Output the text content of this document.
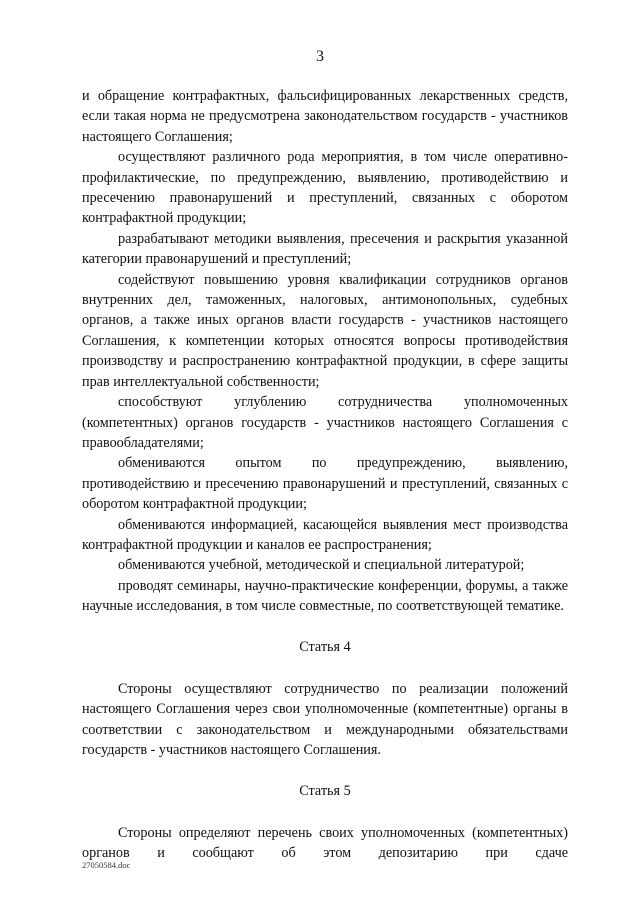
3

и обращение контрафактных, фальсифицированных лекарственных средств, если такая норма не предусмотрена законодательством государств - участников настоящего Соглашения;

осуществляют различного рода мероприятия, в том числе оперативно-профилактические, по предупреждению, выявлению, противодействию и пресечению правонарушений и преступлений, связанных с оборотом контрафактной продукции;

разрабатывают методики выявления, пресечения и раскрытия указанной категории правонарушений и преступлений;

содействуют повышению уровня квалификации сотрудников органов внутренних дел, таможенных, налоговых, антимонопольных, судебных органов, а также иных органов власти государств - участников настоящего Соглашения, к компетенции которых относятся вопросы противодействия производству и распространению контрафактной продукции, в сфере защиты прав интеллектуальной собственности;

способствуют углублению сотрудничества уполномоченных (компетентных) органов государств - участников настоящего Соглашения с правообладателями;

обмениваются опытом по предупреждению, выявлению, противодействию и пресечению правонарушений и преступлений, связанных с оборотом контрафактной продукции;

обмениваются информацией, касающейся выявления мест производства контрафактной продукции и каналов ее распространения;

обмениваются учебной, методической и специальной литературой;

проводят семинары, научно-практические конференции, форумы, а также научные исследования, в том числе совместные, по соответствующей тематике.

Статья 4

Стороны осуществляют сотрудничество по реализации положений настоящего Соглашения через свои уполномоченные (компетентные) органы в соответствии с законодательством и международными обязательствами государств - участников настоящего Соглашения.

Статья 5

Стороны определяют перечень своих уполномоченных (компетентных) органов и сообщают об этом депозитарию при сдаче

27050584.doc
